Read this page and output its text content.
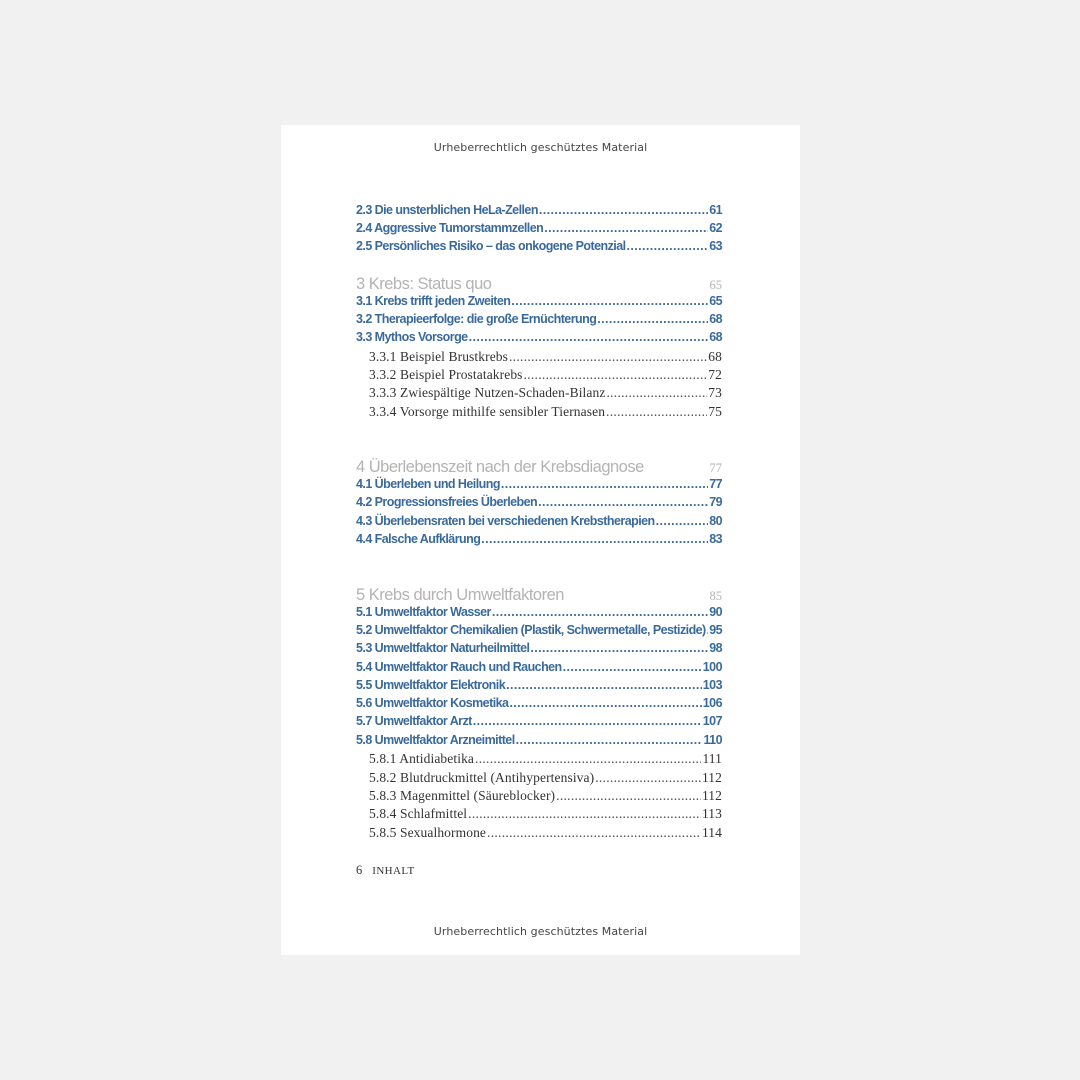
Urheberrechtlich geschütztes Material
2.3 Die unsterblichen HeLa-Zellen .....	61
2.4 Aggressive Tumorstammzellen .....	62
2.5 Persönliches Risiko – das onkogene Potenzial .....	63
3 Krebs: Status quo	65
3.1 Krebs trifft jeden Zweiten .....	65
3.2 Therapieerfolge: die große Ernüchterung .....	68
3.3 Mythos Vorsorge .....	68
3.3.1 Beispiel Brustkrebs .....	68
3.3.2 Beispiel Prostatakrebs .....	72
3.3.3 Zwiespältige Nutzen-Schaden-Bilanz .....	73
3.3.4 Vorsorge mithilfe sensibler Tiernasen .....	75
4 Überlebenszeit nach der Krebsdiagnose	77
4.1 Überleben und Heilung .....	77
4.2 Progressionsfreies Überleben .....	79
4.3 Überlebensraten bei verschiedenen Krebstherapien .....	80
4.4 Falsche Aufklärung .....	83
5 Krebs durch Umweltfaktoren	85
5.1 Umweltfaktor Wasser .....	90
5.2 Umweltfaktor Chemikalien (Plastik, Schwermetalle, Pestizide) ..... 95
5.3 Umweltfaktor Naturheilmittel .....	98
5.4 Umweltfaktor Rauch und Rauchen .....	100
5.5 Umweltfaktor Elektronik .....	103
5.6 Umweltfaktor Kosmetika .....	106
5.7 Umweltfaktor Arzt .....	107
5.8 Umweltfaktor Arzneimittel .....	110
5.8.1 Antidiabetika .....	111
5.8.2 Blutdruckmittel (Antihypertensiva) .....	112
5.8.3 Magenmittel (Säureblocker) .....	112
5.8.4 Schlafmittel .....	113
5.8.5 Sexualhormone .....	114
6 INHALT
Urheberrechtlich geschütztes Material
